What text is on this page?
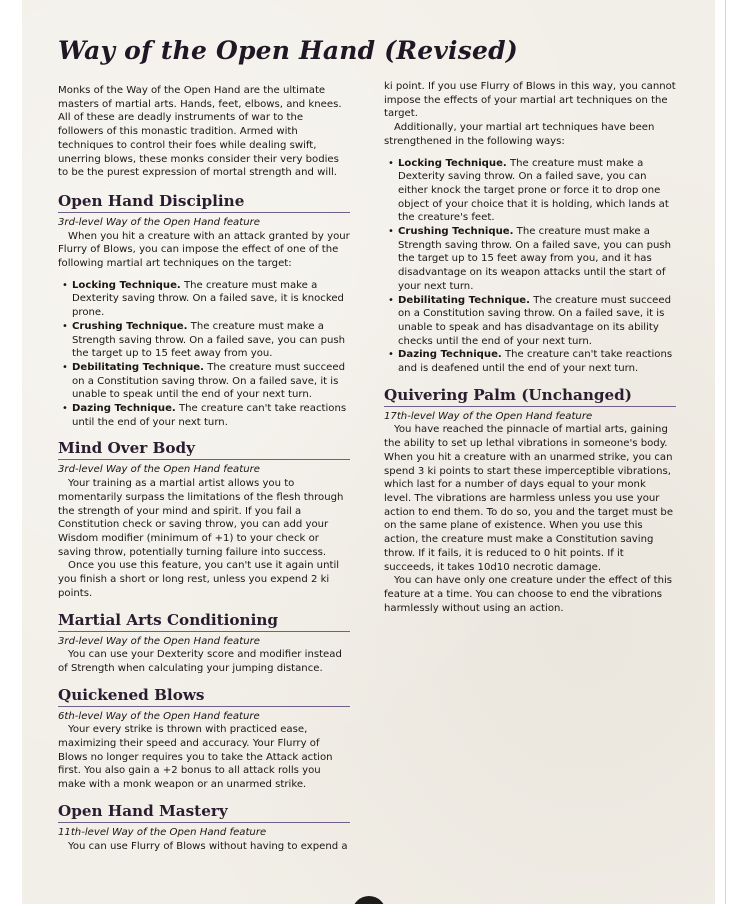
Way of the Open Hand (Revised)

Monks of the Way of the Open Hand are the ultimate masters of martial arts. Hands, feet, elbows, and knees. All of these are deadly instruments of war to the followers of this monastic tradition. Armed with techniques to control their foes while dealing swift, unerring blows, these monks consider their very bodies to be the purest expression of mortal strength and will.

Open Hand Discipline

3rd-level Way of the Open Hand feature

When you hit a creature with an attack granted by your Flurry of Blows, you can impose the effect of one of the following martial art techniques on the target:

• Locking Technique. The creature must make a Dexterity saving throw. On a failed save, it is knocked prone.
• Crushing Technique. The creature must make a Strength saving throw. On a failed save, you can push the target up to 15 feet away from you.
• Debilitating Technique. The creature must succeed on a Constitution saving throw. On a failed save, it is unable to speak until the end of your next turn.
• Dazing Technique. The creature can't take reactions until the end of your next turn.
Mind Over Body

3rd-level Way of the Open Hand feature

Your training as a martial artist allows you to momentarily surpass the limitations of the flesh through the strength of your mind and spirit. If you fail a Constitution check or saving throw, you can add your Wisdom modifier (minimum of +1) to your check or saving throw, potentially turning failure into success.

Once you use this feature, you can't use it again until you finish a short or long rest, unless you expend 2 ki points.

Martial Arts Conditioning

3rd-level Way of the Open Hand feature

You can use your Dexterity score and modifier instead of Strength when calculating your jumping distance.

Quickened Blows

6th-level Way of the Open Hand feature

Your every strike is thrown with practiced ease, maximizing their speed and accuracy. Your Flurry of Blows no longer requires you to take the Attack action first. You also gain a +2 bonus to all attack rolls you make with a monk weapon or an unarmed strike.

Open Hand Mastery

11th-level Way of the Open Hand feature

You can use Flurry of Blows without having to expend a

ki point. If you use Flurry of Blows in this way, you cannot impose the effects of your martial art techniques on the target.

Additionally, your martial art techniques have been strengthened in the following ways:

• Locking Technique. The creature must make a Dexterity saving throw. On a failed save, you can either knock the target prone or force it to drop one object of your choice that it is holding, which lands at the creature's feet.
• Crushing Technique. The creature must make a Strength saving throw. On a failed save, you can push the target up to 15 feet away from you, and it has disadvantage on its weapon attacks until the start of your next turn.
• Debilitating Technique. The creature must succeed on a Constitution saving throw. On a failed save, it is unable to speak and has disadvantage on its ability checks until the end of your next turn.
• Dazing Technique. The creature can't take reactions and is deafened until the end of your next turn.
Quivering Palm (Unchanged)

17th-level Way of the Open Hand feature

You have reached the pinnacle of martial arts, gaining the ability to set up lethal vibrations in someone's body. When you hit a creature with an unarmed strike, you can spend 3 ki points to start these imperceptible vibrations, which last for a number of days equal to your monk level. The vibrations are harmless unless you use your action to end them. To do so, you and the target must be on the same plane of existence. When you use this action, the creature must make a Constitution saving throw. If it fails, it is reduced to 0 hit points. If it succeeds, it takes 10d10 necrotic damage.

You can have only one creature under the effect of this feature at a time. You can choose to end the vibrations harmlessly without using an action.
